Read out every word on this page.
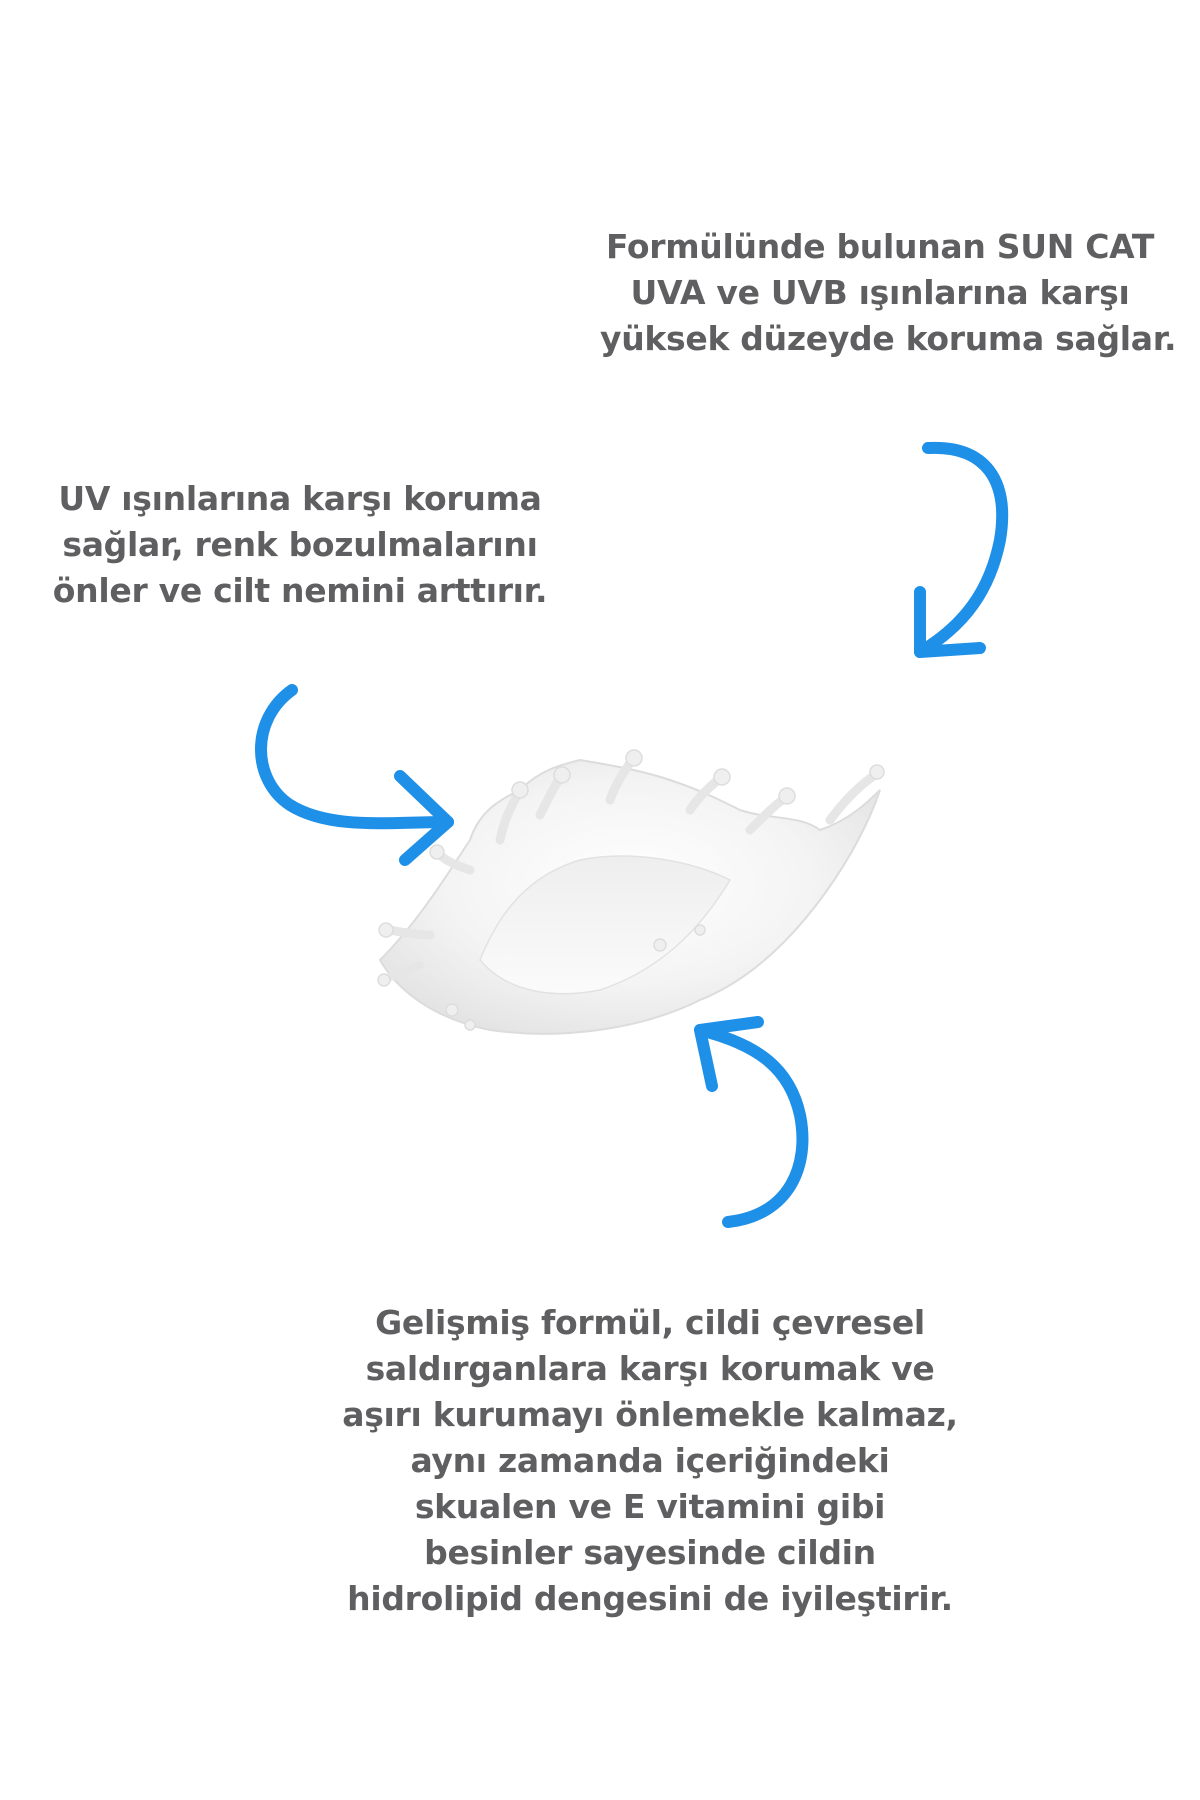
Formülünde bulunan SUN CAT
UVA ve UVB ışınlarına karşı
yüksek düzeyde koruma sağlar.

UV ışınlarına karşı koruma
sağlar, renk bozulmalarını
önler ve cilt nemini arttırır.

Gelişmiş formül, cildi çevresel
saldırganlara karşı korumak ve
aşırı kurumayı önlemekle kalmaz,
aynı zamanda içeriğindeki
skualen ve E vitamini gibi
besinler sayesinde cildin
hidrolipid dengesini de iyileştirir.
